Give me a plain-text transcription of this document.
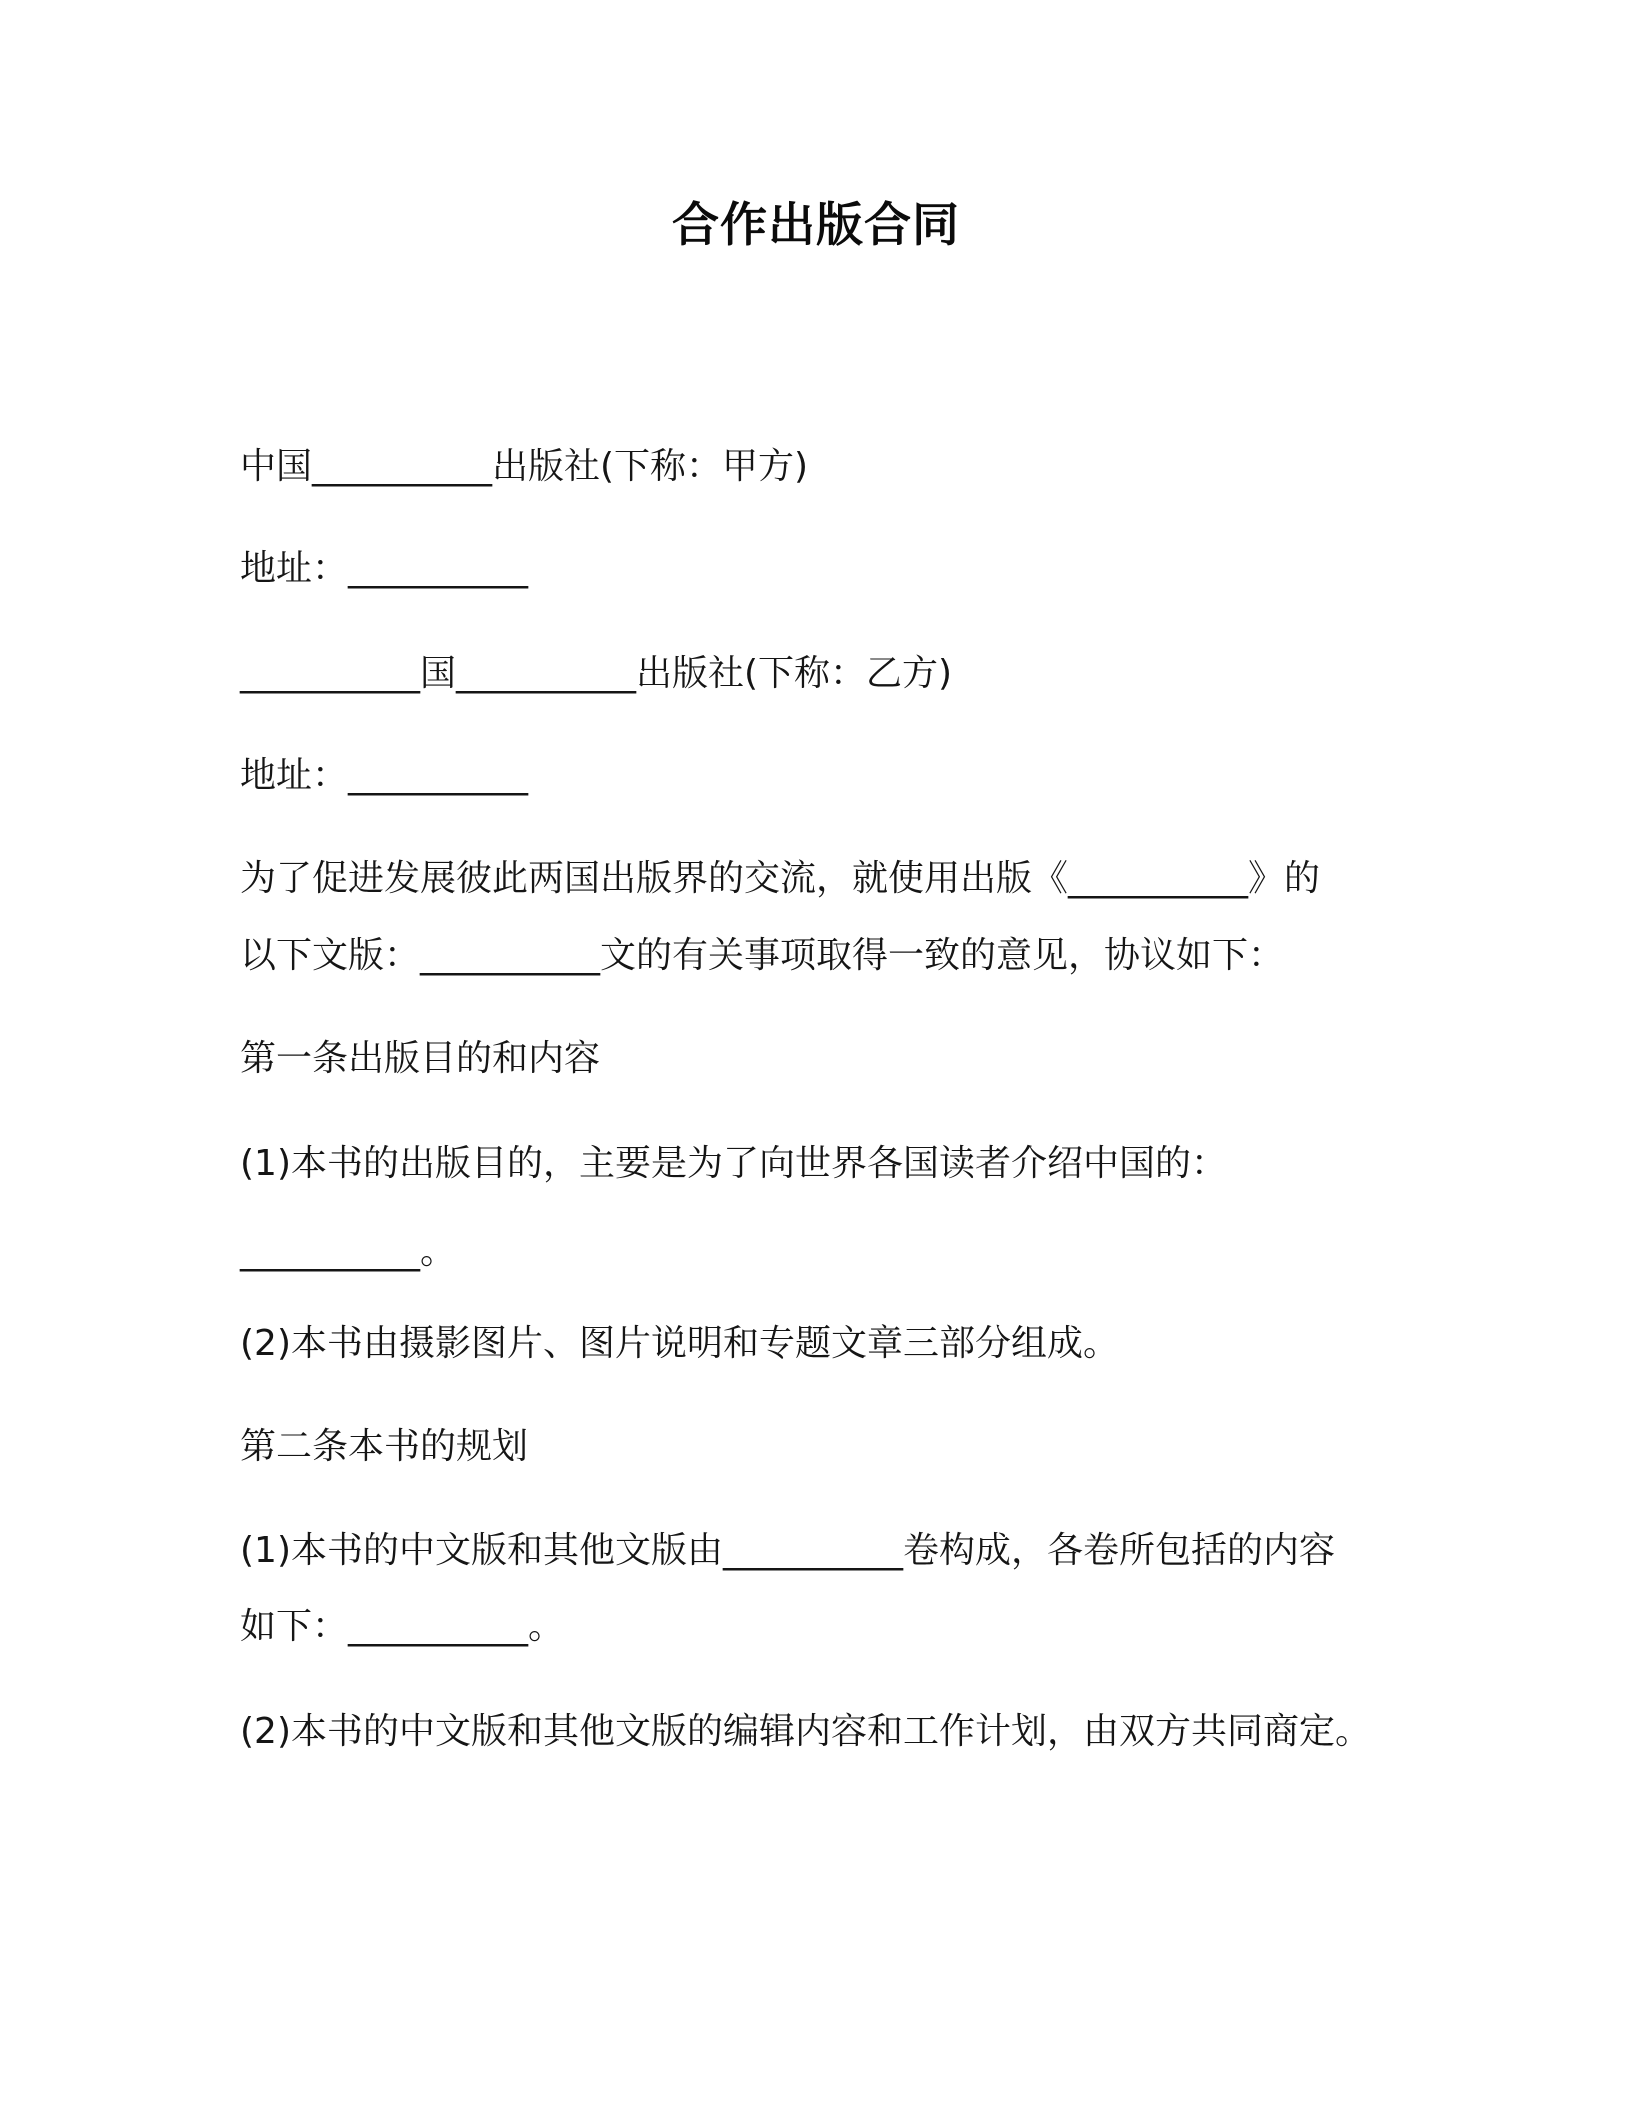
合作出版合同
中国__________出版社(下称：甲方)
地址：__________
__________国__________出版社(下称：乙方)
地址：__________
为了促进发展彼此两国出版界的交流，就使用出版《__________》的
以下文版：__________文的有关事项取得一致的意见，协议如下：
第一条出版目的和内容
(1)本书的出版目的，主要是为了向世界各国读者介绍中国的：
__________。
(2)本书由摄影图片、图片说明和专题文章三部分组成。
第二条本书的规划
(1)本书的中文版和其他文版由__________卷构成，各卷所包括的内容
如下：__________。
(2)本书的中文版和其他文版的编辑内容和工作计划，由双方共同商定。
